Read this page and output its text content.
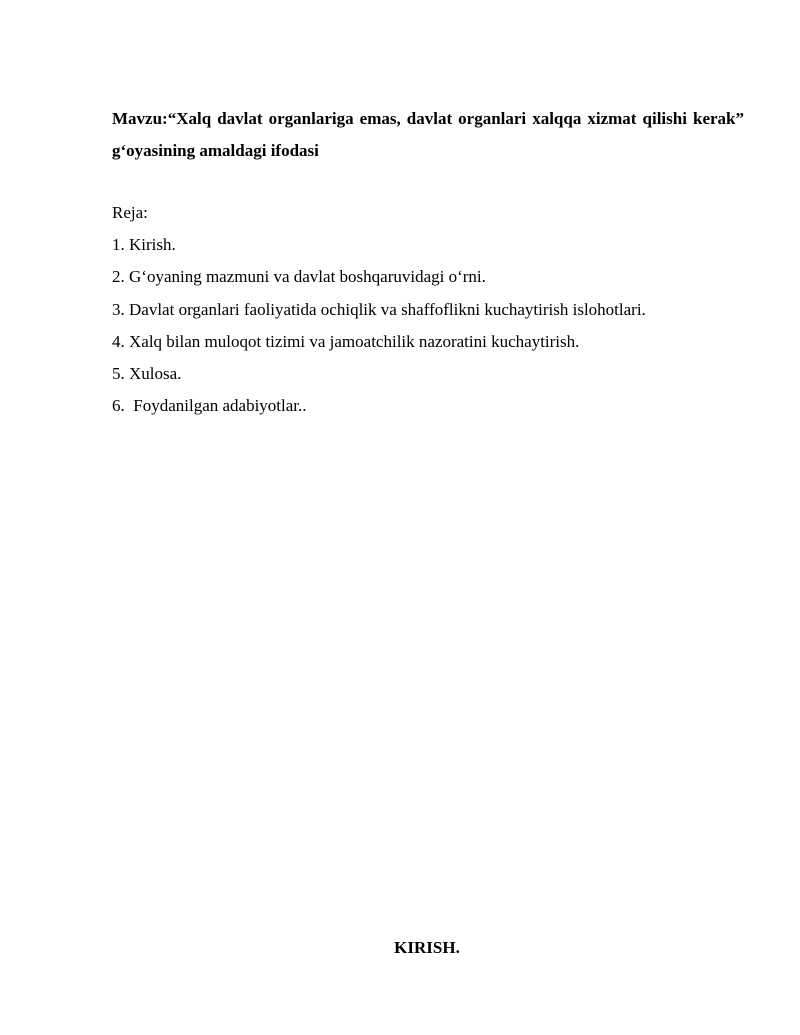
Mavzu:“Xalq davlat organlariga emas, davlat organlari xalqqa xizmat qilishi kerak” g‘oyasining amaldagi ifodasi

Reja:
1. Kirish.
2. G‘oyaning mazmuni va davlat boshqaruvidagi o‘rni.
3. Davlat organlari faoliyatida ochiqlik va shaffoflikni kuchaytirish islohotlari.
4. Xalq bilan muloqot tizimi va jamoatchilik nazoratini kuchaytirish.
5. Xulosa.
6.  Foydanilgan adabiyotlar..

KIRISH.
